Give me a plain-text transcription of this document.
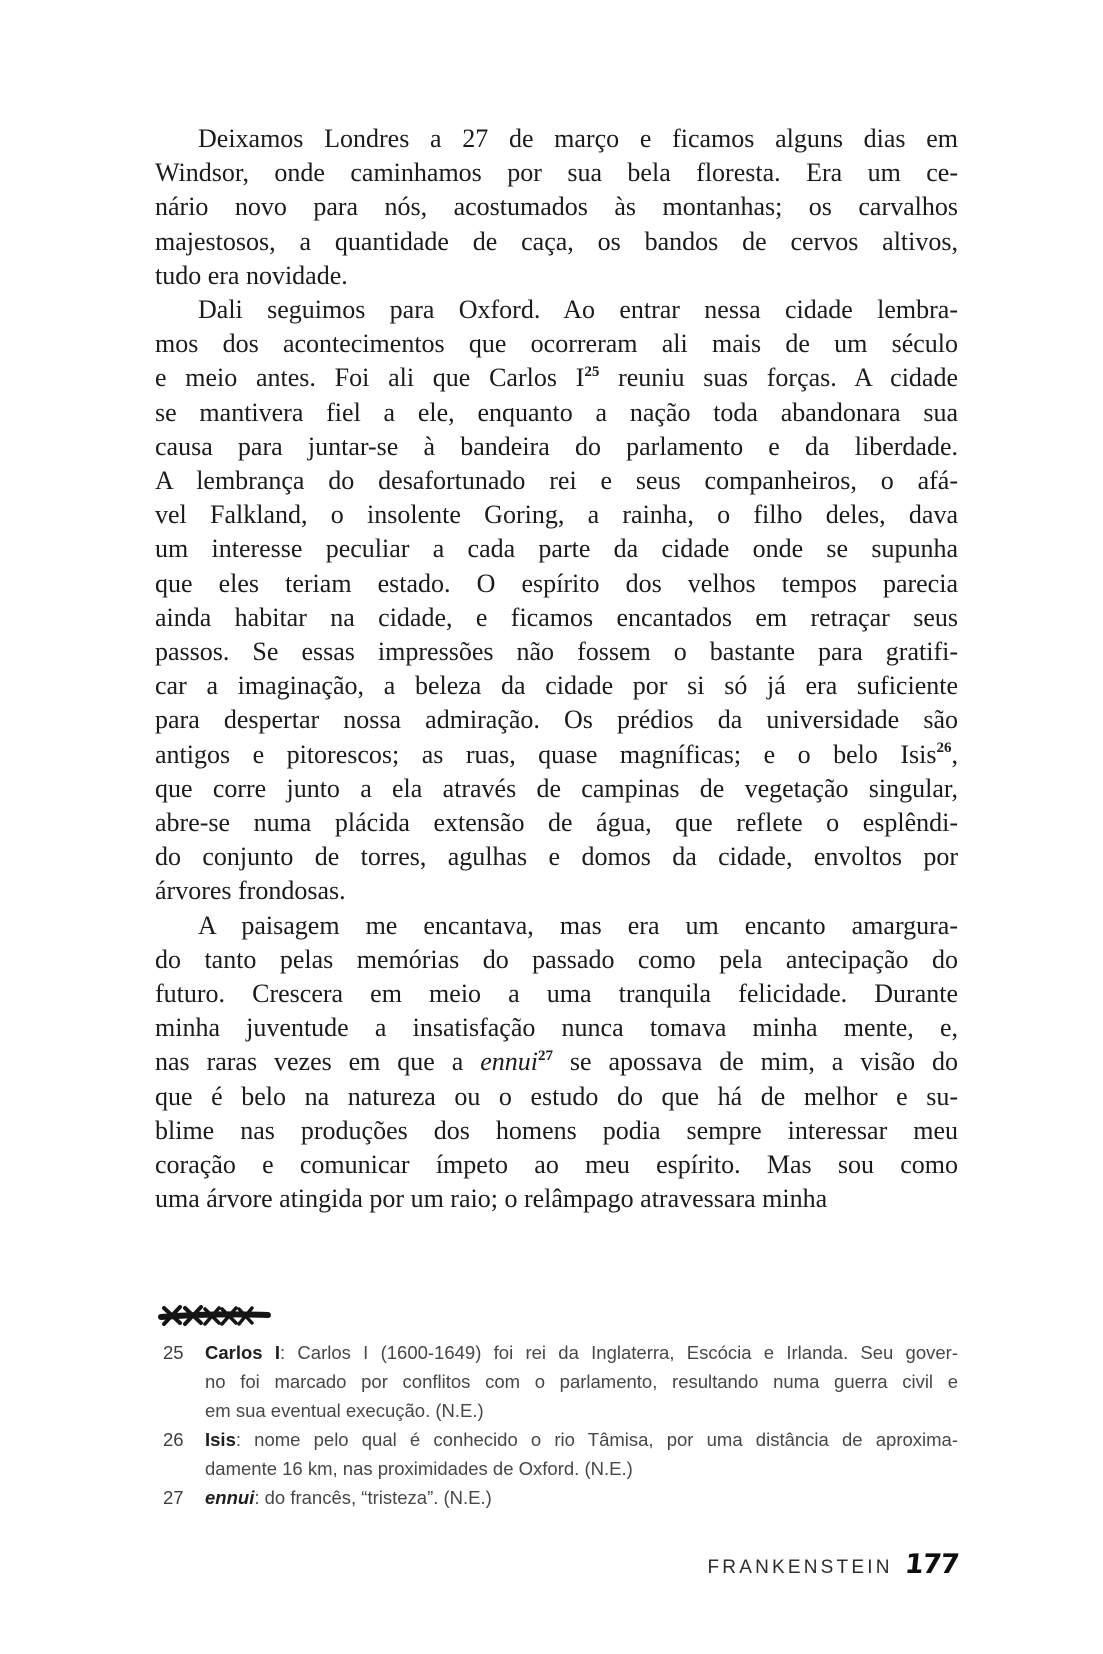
Deixamos Londres a 27 de março e ficamos alguns dias em
Windsor, onde caminhamos por sua bela floresta. Era um ce-
nário novo para nós, acostumados às montanhas; os carvalhos
majestosos, a quantidade de caça, os bandos de cervos altivos,
tudo era novidade.
Dali seguimos para Oxford. Ao entrar nessa cidade lembra-
mos dos acontecimentos que ocorreram ali mais de um século
e meio antes. Foi ali que Carlos $I^{25}$ reuniu suas forças. A cidade
se mantivera fiel a ele, enquanto a nação toda abandonara sua
causa para juntar-se à bandeira do parlamento e da liberdade.
A lembrança do desafortunado rei e seus companheiros, o afá-
vel Falkland, o insolente Goring, a rainha, o filho deles, dava
um interesse peculiar a cada parte da cidade onde se supunha
que eles teriam estado. O espírito dos velhos tempos parecia
ainda habitar na cidade, e ficamos encantados em retraçar seus
passos. Se essas impressões não fossem o bastante para gratifi-
car a imaginação, a beleza da cidade por si só já era suficiente
para despertar nossa admiração. Os prédios da universidade são
antigos e pitorescos; as ruas, quase magníficas; e o belo Isis$^{26}$,
que corre junto a ela através de campinas de vegetação singular,
abre-se numa plácida extensão de água, que reflete o esplêndi-
do conjunto de torres, agulhas e domos da cidade, envoltos por
árvores frondosas.
A paisagem me encantava, mas era um encanto amargura-
do tanto pelas memórias do passado como pela antecipação do
futuro. Crescera em meio a uma tranquila felicidade. Durante
minha juventude a insatisfação nunca tomava minha mente, e,
nas raras vezes em que a ennui$^{27}$ se apossava de mim, a visão do
que é belo na natureza ou o estudo do que há de melhor e su-
blime nas produções dos homens podia sempre interessar meu
coração e comunicar ímpeto ao meu espírito. Mas sou como
uma árvore atingida por um raio; o relâmpago atravessara minha
25	Carlos I: Carlos I (1600-1649) foi rei da Inglaterra, Escócia e Irlanda. Seu gover-
no foi marcado por conflitos com o parlamento, resultando numa guerra civil e
em sua eventual execução. (N.E.)
26	Isis: nome pelo qual é conhecido o rio Tâmisa, por uma distância de aproxima-
damente 16 km, nas proximidades de Oxford. (N.E.)
27	ennui: do francês, “tristeza”. (N.E.)
FRANKENSTEIN 177
